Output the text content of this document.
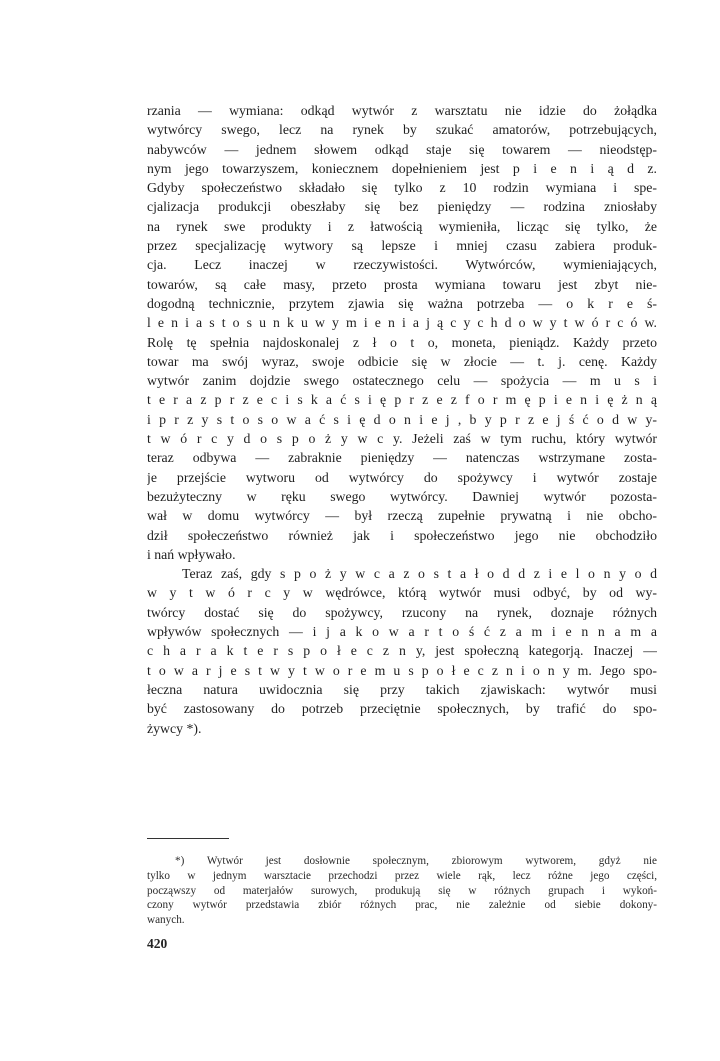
rzania — wymiana: odkąd wytwór z warsztatu nie idzie do żołądka
wytwórcy swego, lecz na rynek by szukać amatorów, potrzebujących,
nabywców — jednem słowem odkąd staje się towarem — nieodstęp-
nym jego towarzyszem, koniecznem dopełnieniem jest p i e n i ą d z.
Gdyby społeczeństwo składało się tylko z 10 rodzin wymiana i spe-
cjalizacja produkcji obeszłaby się bez pieniędzy — rodzina zniosłaby
na rynek swe produkty i z łatwością wymieniła, licząc się tylko, że
przez specjalizację wytwory są lepsze i mniej czasu zabiera produk-
cja. Lecz inaczej w rzeczywistości. Wytwórców, wymieniających,
towarów, są całe masy, przeto prosta wymiana towaru jest zbyt nie-
dogodną technicznie, przytem zjawia się ważna potrzeba — o k r e ś-
l e n i a s t o s u n k u w y m i e n i a j ą c y c h d o w y t w ó r c ó w.
Rolę tę spełnia najdoskonalej z ł o t o, moneta, pieniądz. Każdy przeto
towar ma swój wyraz, swoje odbicie się w złocie — t. j. cenę. Każdy
wytwór zanim dojdzie swego ostatecznego celu — spożycia — m u s i
t e r a z p r z e c i s k a ć s i ę p r z e z f o r m ę p i e n i ę ż n ą
i p r z y s t o s o w a ć s i ę d o n i e j , b y p r z e j ś ć o d w y-
t w ó r c y d o s p o ż y w c y. Jeżeli zaś w tym ruchu, który wytwór
teraz odbywa — zabraknie pieniędzy — natenczas wstrzymane zosta-
je przejście wytworu od wytwórcy do spożywcy i wytwór zostaje
bezużyteczny w ręku swego wytwórcy. Dawniej wytwór pozosta-
wał w domu wytwórcy — był rzeczą zupełnie prywatną i nie obcho-
dził społeczeństwo również jak i społeczeństwo jego nie obchodziło
i nań wpływało.
Teraz zaś, gdy s p o ż y w c a z o s t a ł o d d z i e l o n y o d
w y t w ó r c y w wędrówce, którą wytwór musi odbyć, by od wy-
twórcy dostać się do spożywcy, rzucony na rynek, doznaje różnych
wpływów społecznych — i j a k o w a r t o ś ć z a m i e n n a m a
c h a r a k t e r s p o ł e c z n y, jest społeczną kategorją. Inaczej —
t o w a r j e s t w y t w o r e m u s p o ł e c z n i o n y m. Jego spo-
łeczna natura uwidocznia się przy takich zjawiskach: wytwór musi
być zastosowany do potrzeb przeciętnie społecznych, by trafić do spo-
żywcy *).
*) Wytwór jest dosłownie społecznym, zbiorowym wytworem, gdyż nie
tylko w jednym warsztacie przechodzi przez wiele rąk, lecz różne jego części,
począwszy od materjałów surowych, produkują się w różnych grupach i wykoń-
czony wytwór przedstawia zbiór różnych prac, nie zależnie od siebie dokony-
wanych.
420
